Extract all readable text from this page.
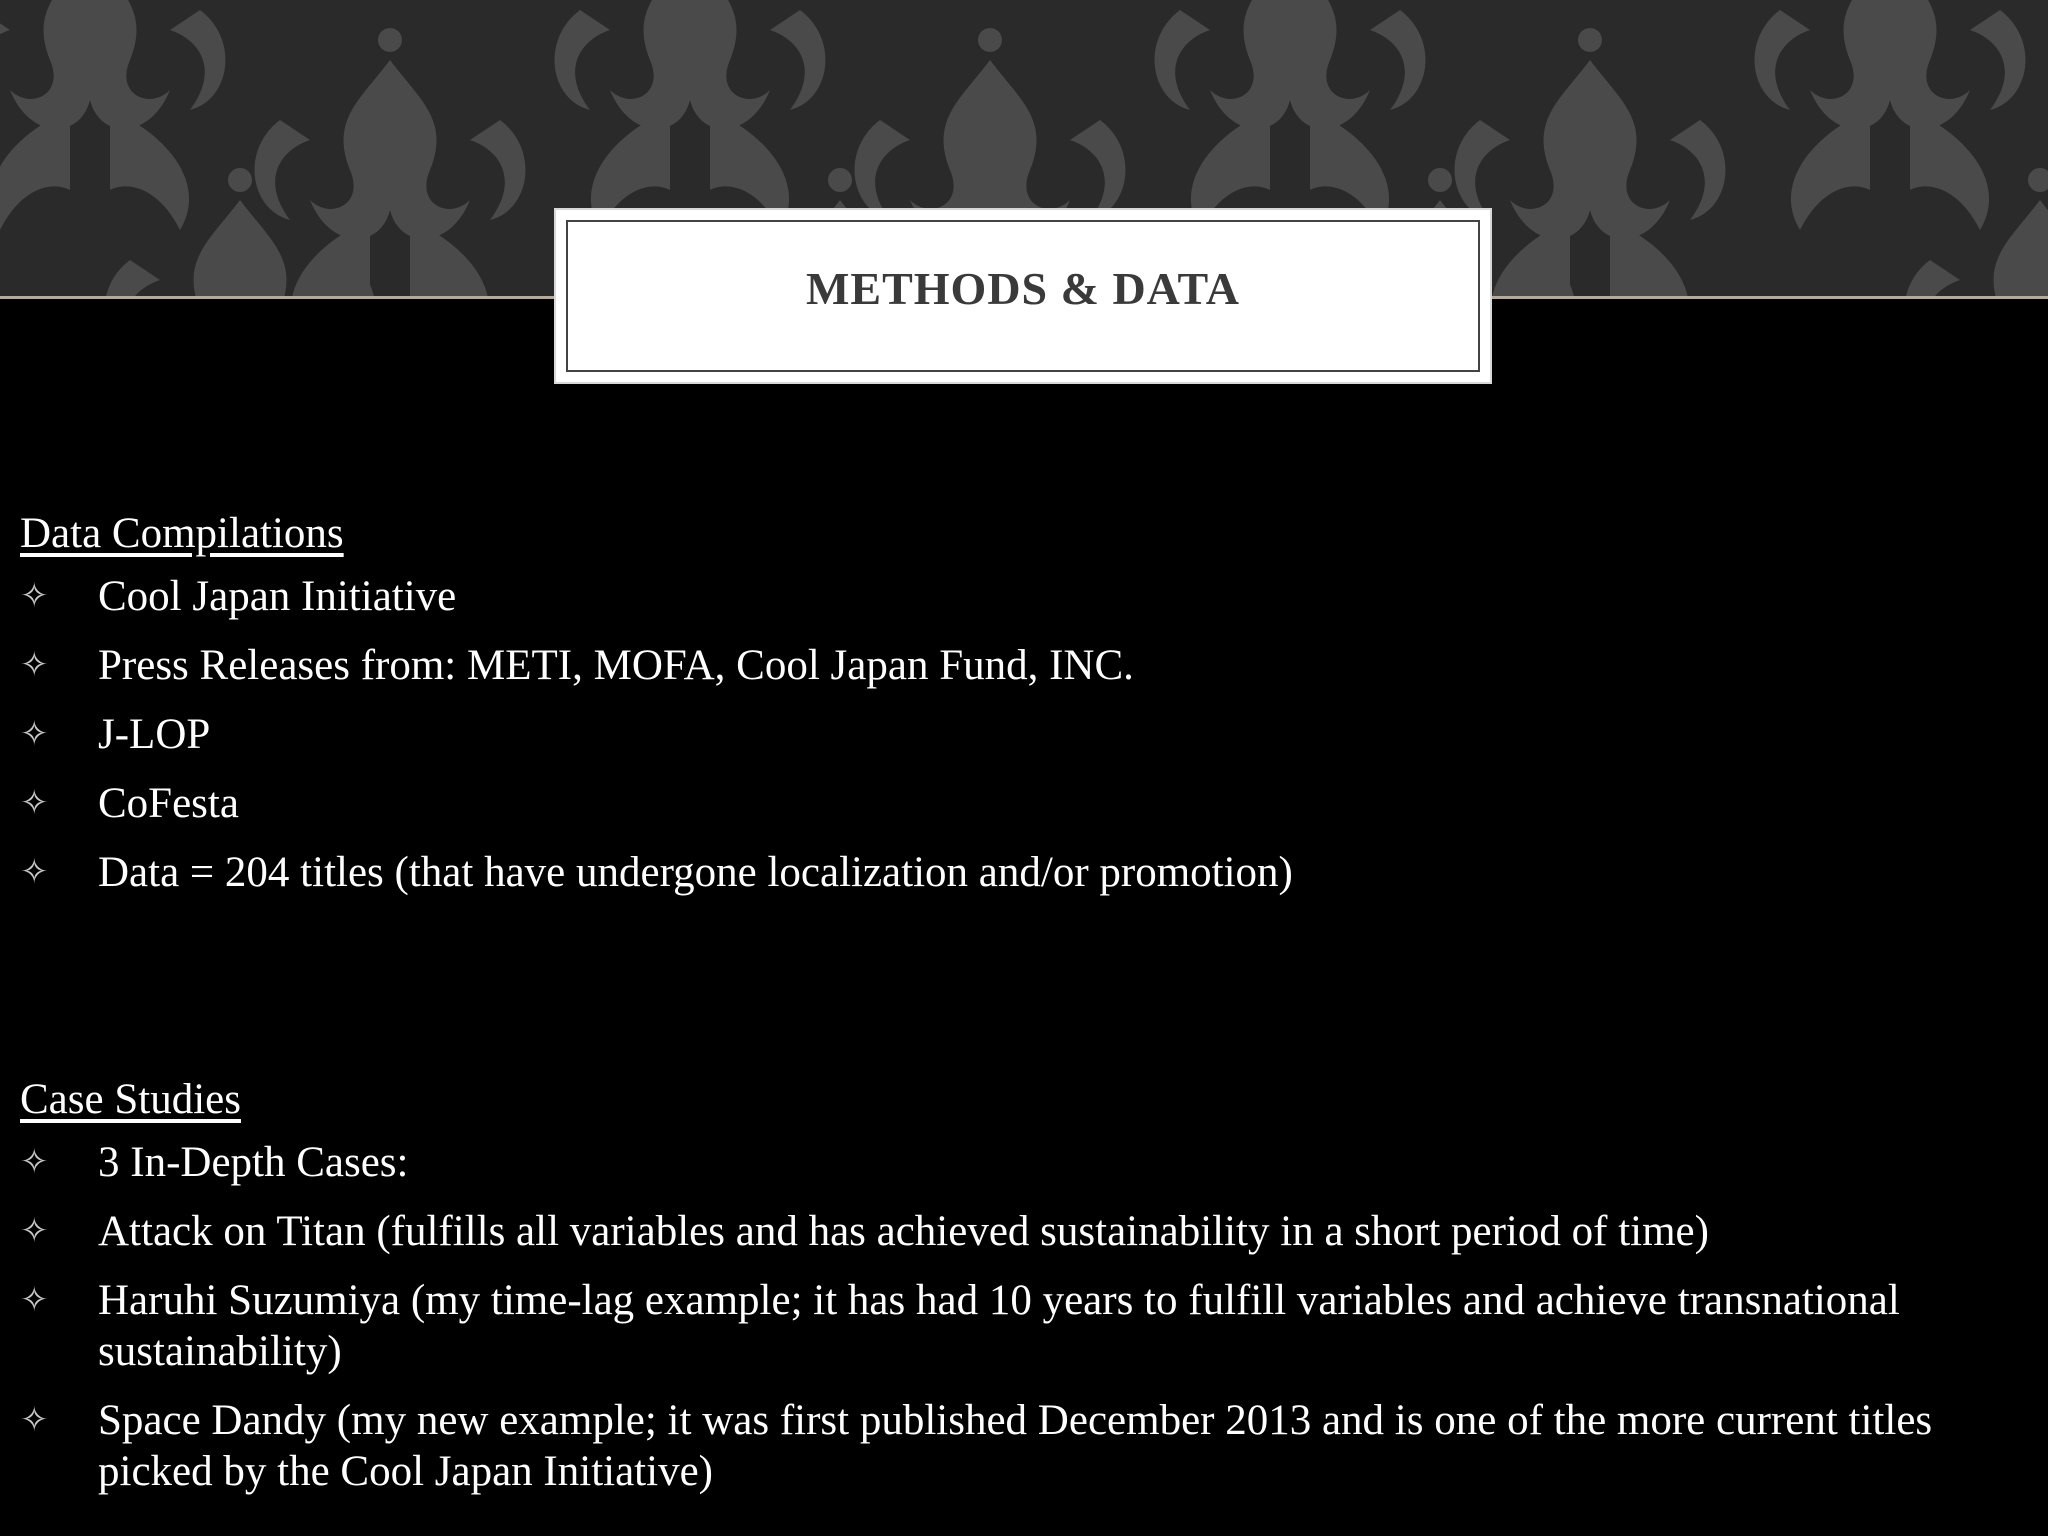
METHODS & DATA
Data Compilations
✧ Cool Japan Initiative
✧ Press Releases from: METI, MOFA, Cool Japan Fund, INC.
✧ J-LOP
✧ CoFesta
✧ Data = 204 titles (that have undergone localization and/or promotion)
Case Studies
✧ 3 In-Depth Cases:
✧ Attack on Titan (fulfills all variables and has achieved sustainability in a short period of time)
✧ Haruhi Suzumiya (my time-lag example; it has had 10 years to fulfill variables and achieve transnational sustainability)
✧ Space Dandy (my new example; it was first published December 2013 and is one of the more current titles picked by the Cool Japan Initiative)
